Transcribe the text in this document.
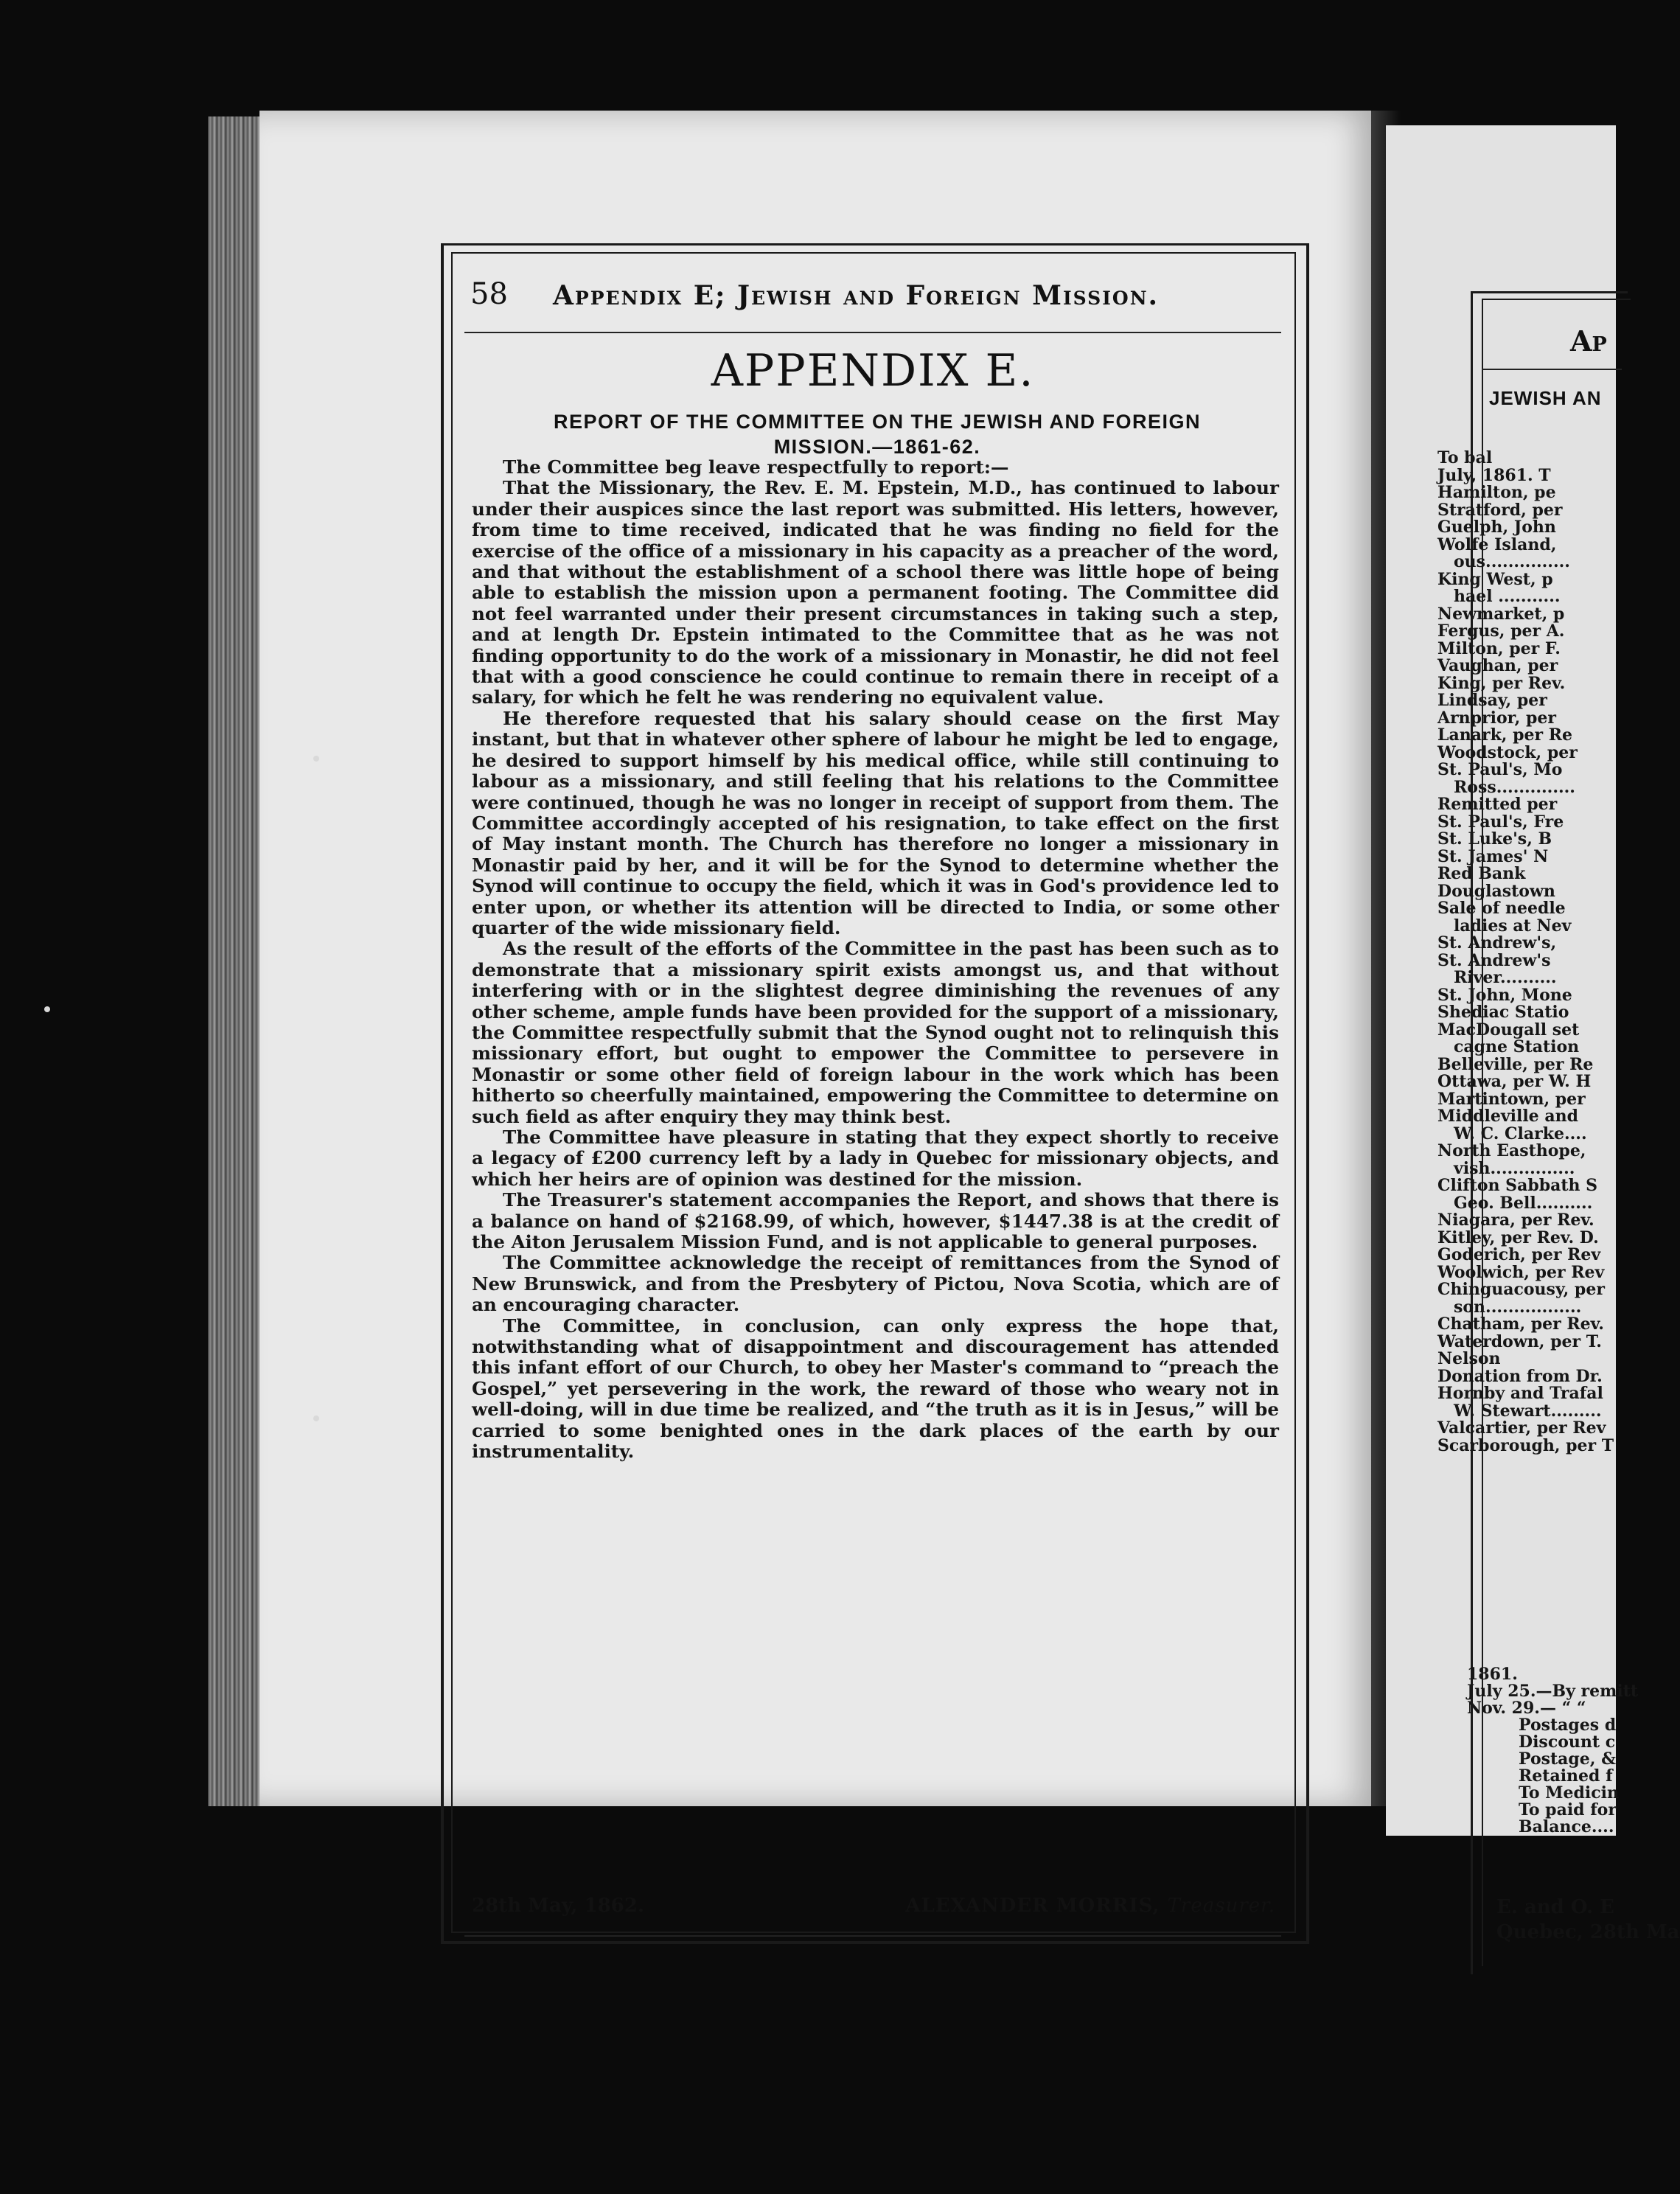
58 Appendix E; Jewish and Foreign Mission.
APPENDIX E.
REPORT OF THE COMMITTEE ON THE JEWISH AND FOREIGN
MISSION.—1861-62.

The Committee beg leave respectfully to report:—

That the Missionary, the Rev. E. M. Epstein, M.D., has continued to labour under their auspices since the last report was submitted. His letters, however, from time to time received, indicated that he was finding no field for the exercise of the office of a missionary in his capacity as a preacher of the word, and that without the establishment of a school there was little hope of being able to establish the mission upon a permanent footing. The Committee did not feel warranted under their present circumstances in taking such a step, and at length Dr. Epstein intimated to the Committee that as he was not finding opportunity to do the work of a missionary in Monastir, he did not feel that with a good conscience he could continue to remain there in receipt of a salary, for which he felt he was rendering no equivalent value.

He therefore requested that his salary should cease on the first May instant, but that in whatever other sphere of labour he might be led to engage, he desired to support himself by his medical office, while still continuing to labour as a missionary, and still feeling that his relations to the Committee were continued, though he was no longer in receipt of support from them. The Committee accordingly accepted of his resignation, to take effect on the first of May instant month. The Church has therefore no longer a missionary in Monastir paid by her, and it will be for the Synod to determine whether the Synod will continue to occupy the field, which it was in God's providence led to enter upon, or whether its attention will be directed to India, or some other quarter of the wide missionary field.

As the result of the efforts of the Committee in the past has been such as to demonstrate that a missionary spirit exists amongst us, and that without interfering with or in the slightest degree diminishing the revenues of any other scheme, ample funds have been provided for the support of a missionary, the Committee respectfully submit that the Synod ought not to relinquish this missionary effort, but ought to empower the Committee to persevere in Monastir or some other field of foreign labour in the work which has been hitherto so cheerfully maintained, empowering the Committee to determine on such field as after enquiry they may think best.

The Committee have pleasure in stating that they expect shortly to receive a legacy of £200 currency left by a lady in Quebec for missionary objects, and which her heirs are of opinion was destined for the mission.

The Treasurer's statement accompanies the Report, and shows that there is a balance on hand of $2168.99, of which, however, $1447.38 is at the credit of the Aiton Jerusalem Mission Fund, and is not applicable to general purposes.

The Committee acknowledge the receipt of remittances from the Synod of New Brunswick, and from the Presbytery of Pictou, Nova Scotia, which are of an encouraging character.

The Committee, in conclusion, can only express the hope that, notwithstanding what of disappointment and discouragement has attended this infant effort of our Church, to obey her Master's command to “preach the Gospel,” yet persevering in the work, the reward of those who weary not in well-doing, will in due time be realized, and “the truth as it is in Jesus,” will be carried to some benighted ones in the dark places of the earth by our instrumentality.

28th May, 1862.	ALEXANDER MORRIS, Treasurer.
Ap
JEWISH AN
To bal
July, 1861. T
Hamilton, pe
Stratford, per
Guelph, John
Wolfe Island,
ous...............
King West, p
hael ...........
Newmarket, p
Fergus, per A.
Milton, per F.
Vaughan, per
King, per Rev.
Lindsay, per
Arnprior, per
Lanark, per Re
Woodstock, per
St. Paul's, Mo
Ross..............
Remitted per
St. Paul's, Fre
St. Luke's, B
St. James' N
Red Bank
Douglastown
Sale of needle
ladies at Nev
St. Andrew's,
St. Andrew's
River..........
St. John, Mone
Shediac Statio
MacDougall set
cagne Station
Belleville, per Re
Ottawa, per W. H
Martintown, per
Middleville and
W. C. Clarke....
North Easthope,
vish...............
Clifton Sabbath S
Geo. Bell..........
Niagara, per Rev.
Kitley, per Rev. D.
Goderich, per Rev
Woolwich, per Rev
Chinguacousy, per
son.................
Chatham, per Rev.
Waterdown, per T.
Nelson
Donation from Dr.
Hornby and Trafal
W. Stewart.........
Valcartier, per Rev
Scarborough, per T
1861.
July 25.—By remitt
Nov. 29.— “ “
Postages d
Discount c
Postage, &
Retained f
To Medicin
To paid for
Balance....
E. and O. E
Quebec, 28th Ma
